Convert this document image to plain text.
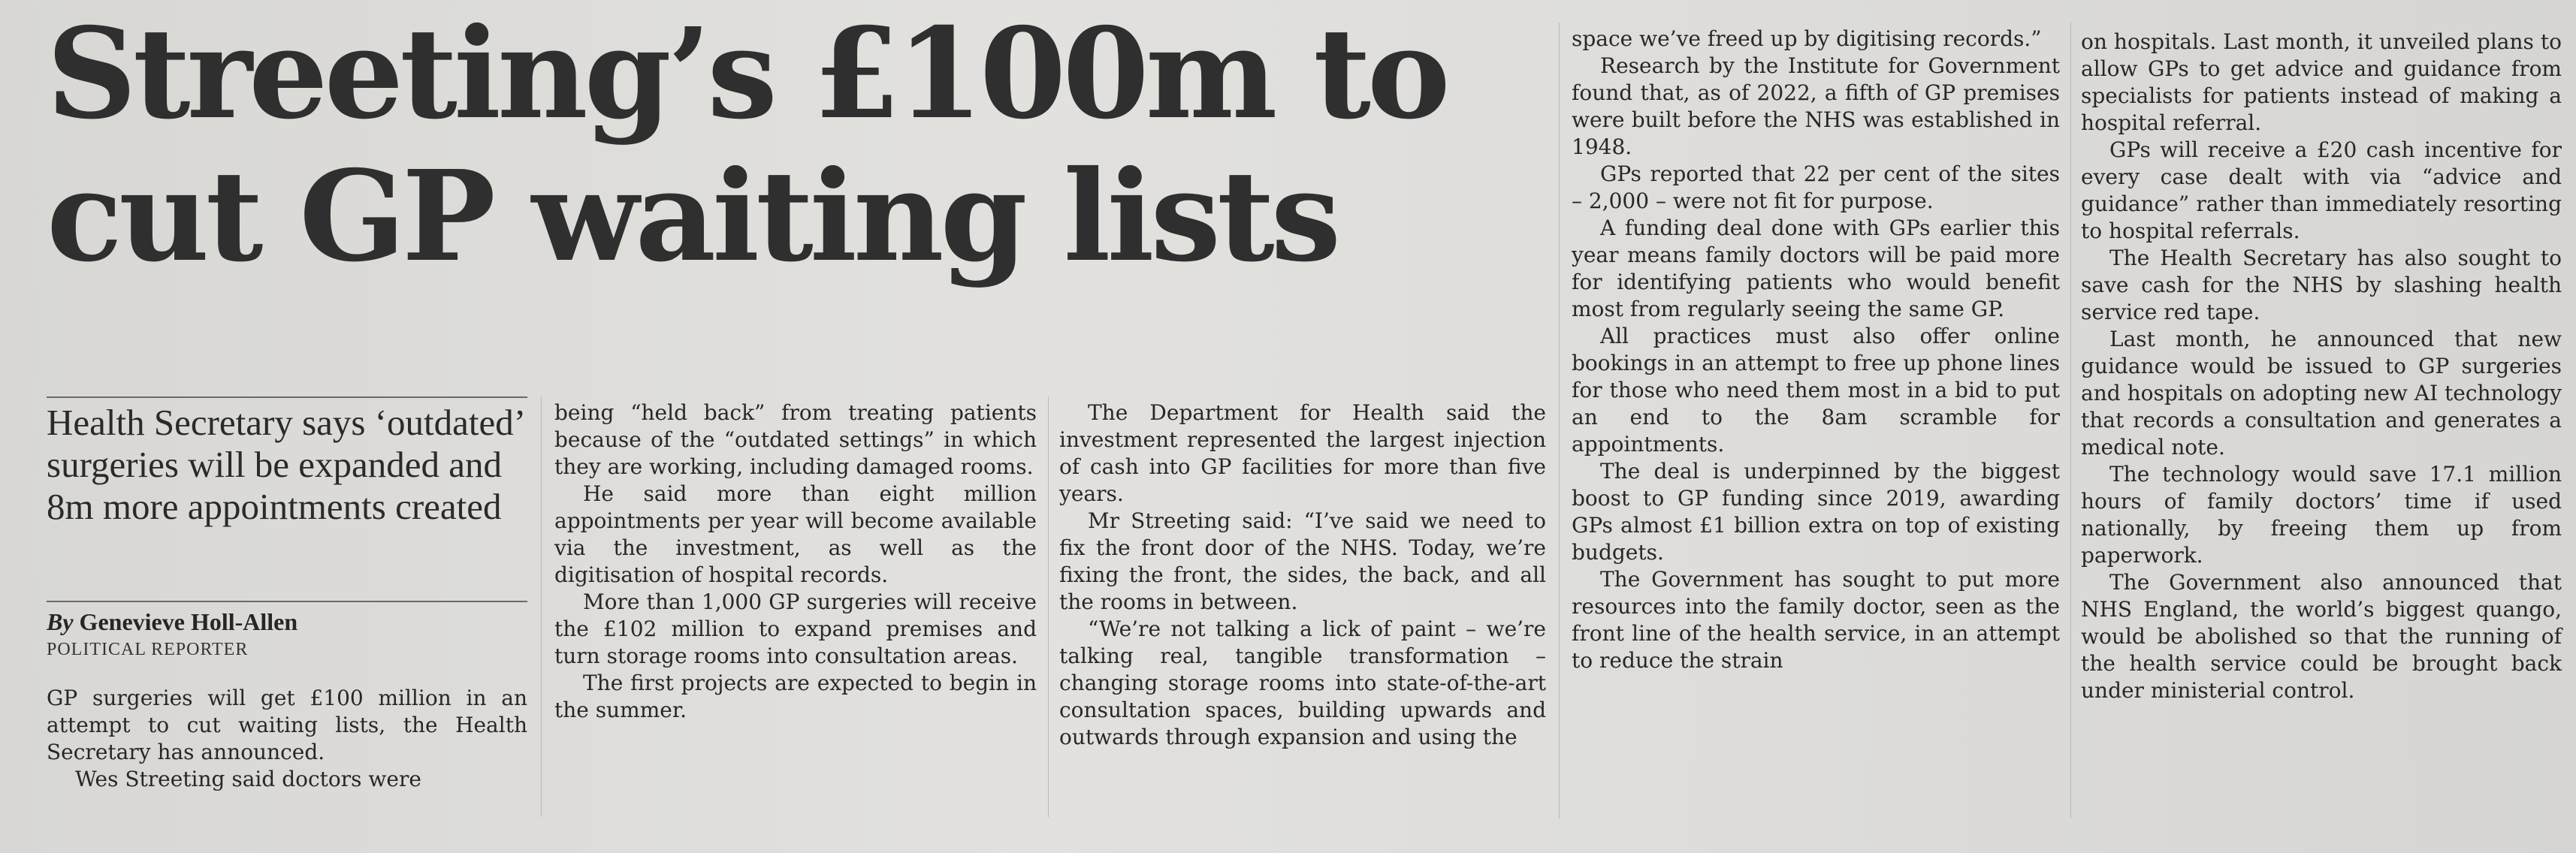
Streeting’s £100m to
cut GP waiting lists
Health Secretary says ‘outdated’ surgeries will be expanded and 8m more appointments created
By Genevieve Holl-Allen
POLITICAL REPORTER

GP surgeries will get £100 million in an attempt to cut waiting lists, the Health Secretary has announced.

Wes Streeting said doctors were

being “held back” from treating patients because of the “outdated settings” in which they are working, including damaged rooms.

He said more than eight million appointments per year will become available via the investment, as well as the digitisation of hospital records.

More than 1,000 GP surgeries will receive the £102 million to expand premises and turn storage rooms into consultation areas.

The first projects are expected to begin in the summer.

The Department for Health said the investment represented the largest injection of cash into GP facilities for more than five years.

Mr Streeting said: “I’ve said we need to fix the front door of the NHS. Today, we’re fixing the front, the sides, the back, and all the rooms in between.

“We’re not talking a lick of paint – we’re talking real, tangible transformation –changing storage rooms into state-of-the-art consultation spaces, building upwards and outwards through expansion and using the

space we’ve freed up by digitising records.”

Research by the Institute for Government found that, as of 2022, a fifth of GP premises were built before the NHS was established in 1948.

GPs reported that 22 per cent of the sites – 2,000 – were not fit for purpose.

A funding deal done with GPs earlier this year means family doctors will be paid more for identifying patients who would benefit most from regularly seeing the same GP.

All practices must also offer online bookings in an attempt to free up phone lines for those who need them most in a bid to put an end to the 8am scramble for appointments.

The deal is underpinned by the biggest boost to GP funding since 2019, awarding GPs almost £1 billion extra on top of existing budgets.

The Government has sought to put more resources into the family doctor, seen as the front line of the health service, in an attempt to reduce the strain

on hospitals. Last month, it unveiled plans to allow GPs to get advice and guidance from specialists for patients instead of making a hospital referral.

GPs will receive a £20 cash incentive for every case dealt with via “advice and guidance” rather than immediately resorting to hospital referrals.

The Health Secretary has also sought to save cash for the NHS by slashing health service red tape.

Last month, he announced that new guidance would be issued to GP surgeries and hospitals on adopting new AI technology that records a consultation and generates a medical note.

The technology would save 17.1 million hours of family doctors’ time if used nationally, by freeing them up from paperwork.

The Government also announced that NHS England, the world’s biggest quango, would be abolished so that the running of the health service could be brought back under ministerial control.
